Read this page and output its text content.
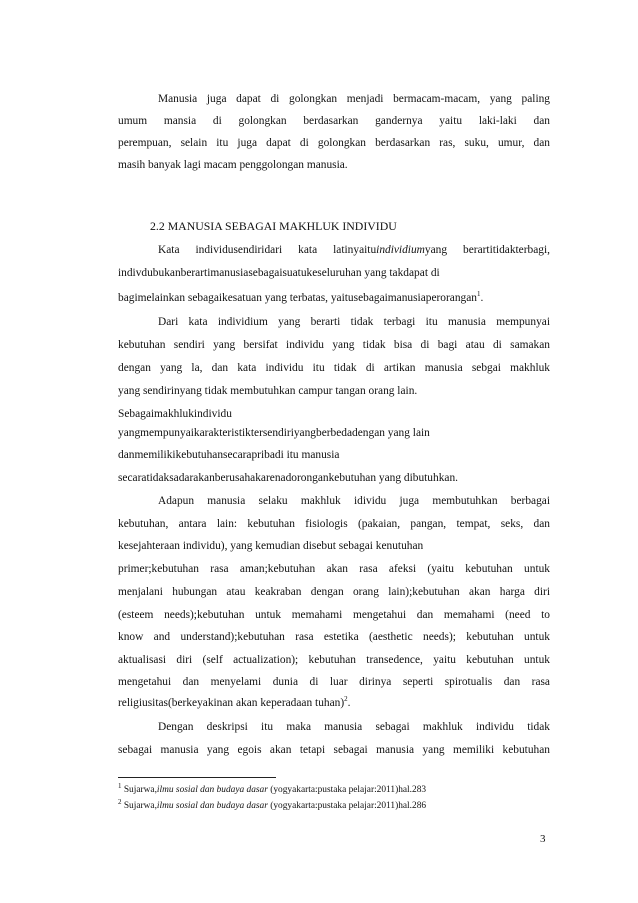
Manusia juga dapat di golongkan menjadi bermacam-macam, yang paling
umum mansia di golongkan berdasarkan gandernya yaitu laki-laki dan
perempuan, selain itu juga dapat di golongkan berdasarkan ras, suku, umur, dan
masih banyak lagi macam penggolongan manusia.
2.2 MANUSIA SEBAGAI MAKHLUK INDIVIDU
Kata individusendiridari kata latinyaituindividiumyang berartitidakterbagi,
indivdubukanberartimanusiasebagaisuatukeseluruhan yang takdapat di
bagimelainkan sebagaikesatuan yang terbatas, yaitusebagaimanusiaperorangan$^1$.
Dari kata individium yang berarti tidak terbagi itu manusia mempunyai
kebutuhan sendiri yang bersifat individu yang tidak bisa di bagi atau di samakan
dengan yang la, dan kata individu itu tidak di artikan manusia sebgai makhluk
yang sendirinyang tidak membutuhkan campur tangan orang lain.
Sebagaimakhlukindividu
yangmempunyaikarakteristiktersendiriyangberbedadengan yang lain
danmemilikikebutuhansecarapribadi itu manusia
secaratidaksadarakanberusahakarenadorongankebutuhan yang dibutuhkan.
Adapun manusia selaku makhluk idividu juga membutuhkan berbagai
kebutuhan, antara lain: kebutuhan fisiologis (pakaian, pangan, tempat, seks, dan
kesejahteraan individu), yang kemudian disebut sebagai kenutuhan
primer;kebutuhan rasa aman;kebutuhan akan rasa afeksi (yaitu kebutuhan untuk
menjalani hubungan atau keakraban dengan orang lain);kebutuhan akan harga diri
(esteem needs);kebutuhan untuk memahami mengetahui dan memahami (need to
know and understand);kebutuhan rasa estetika (aesthetic needs); kebutuhan untuk
aktualisasi diri (self actualization); kebutuhan transedence, yaitu kebutuhan untuk
mengetahui dan menyelami dunia di luar dirinya seperti spirotualis dan rasa
religiusitas(berkeyakinan akan keperadaan tuhan)$^2$.
Dengan deskripsi itu maka manusia sebagai makhluk individu tidak
sebagai manusia yang egois akan tetapi sebagai manusia yang memiliki kebutuhan
$^1$ Sujarwa,ilmu sosial dan budaya dasar (yogyakarta:pustaka pelajar:2011)hal.283
$^2$ Sujarwa,ilmu sosial dan budaya dasar (yogyakarta:pustaka pelajar:2011)hal.286
3
